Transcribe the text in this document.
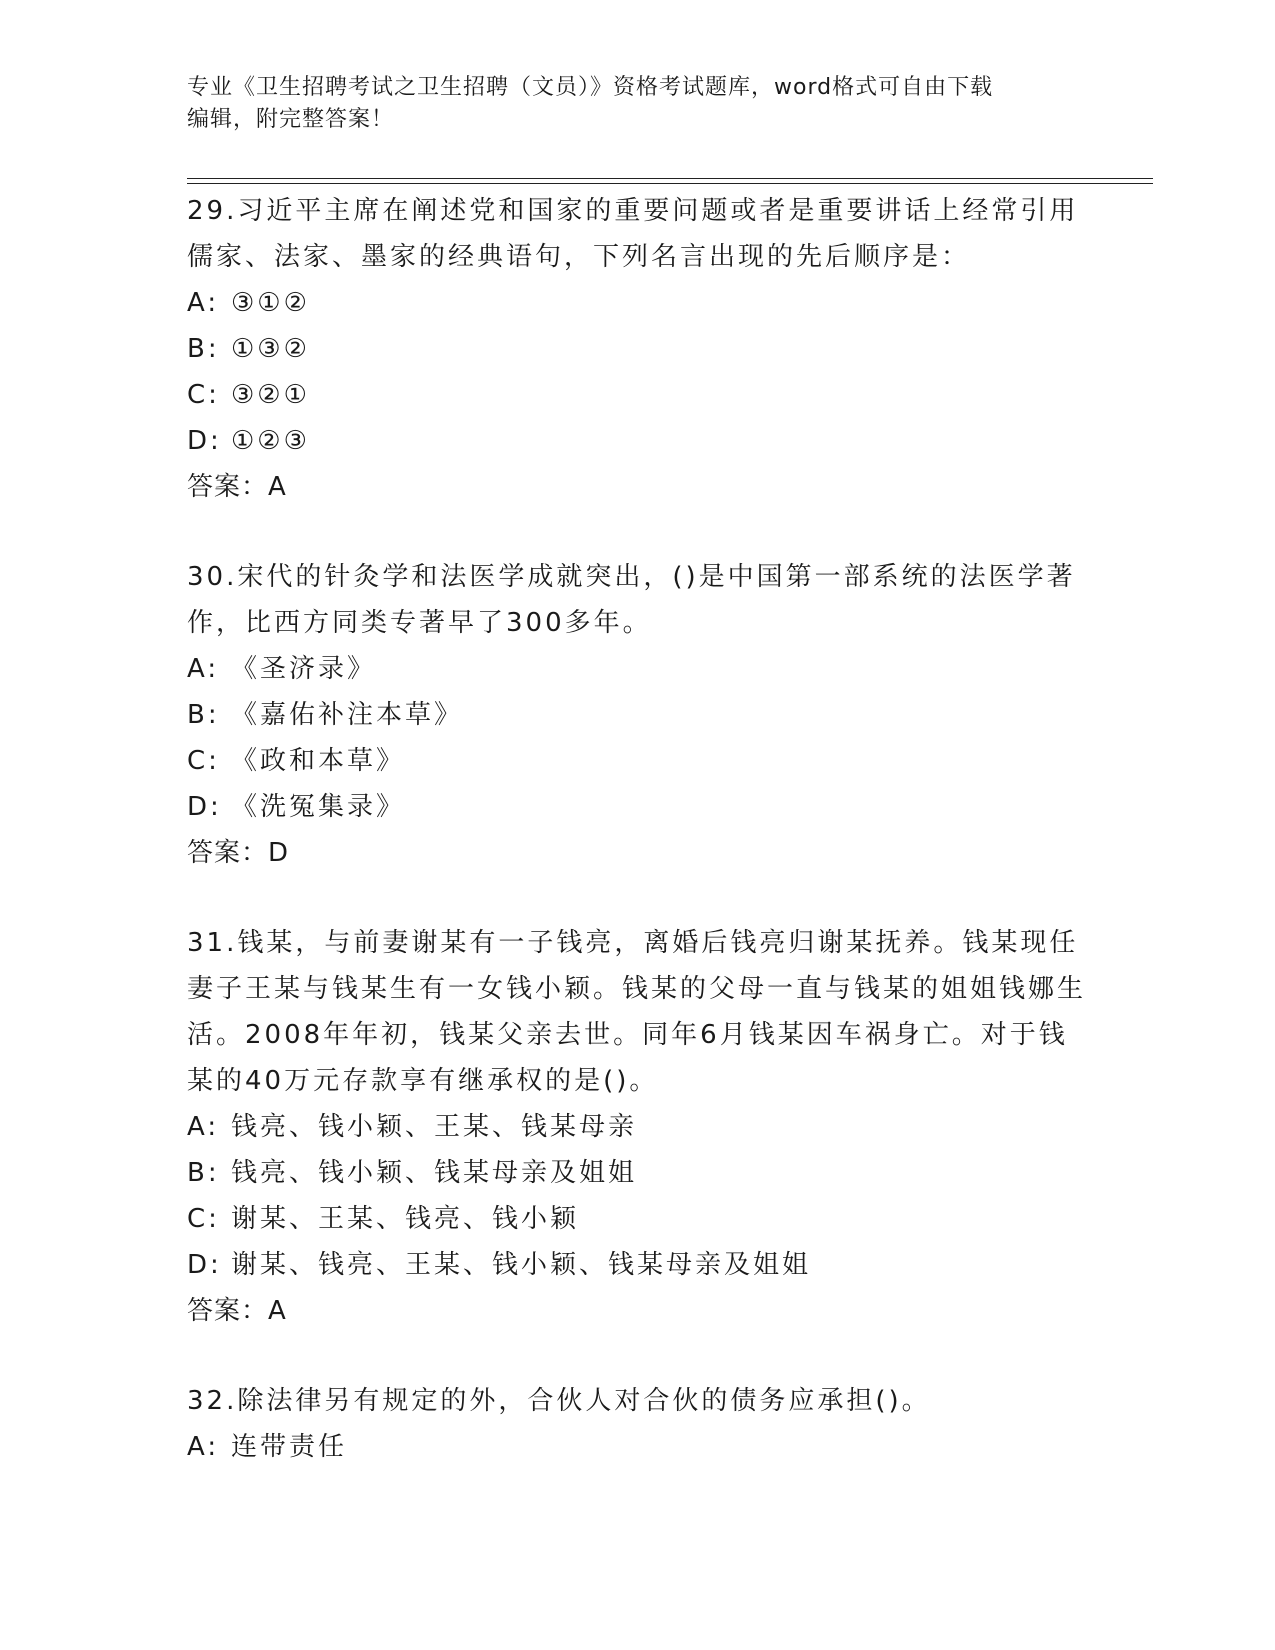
专业《卫生招聘考试之卫生招聘（文员）》资格考试题库，word格式可自由下载
编辑，附完整答案！

29.习近平主席在阐述党和国家的重要问题或者是重要讲话上经常引用儒家、法家、墨家的经典语句，下列名言出现的先后顺序是：

A: ③①②
B: ①③②
C: ③②①
D: ①②③
答案：A

30.宋代的针灸学和法医学成就突出，()是中国第一部系统的法医学著作，比西方同类专著早了300多年。

A: 《圣济录》
B: 《嘉佑补注本草》
C: 《政和本草》
D: 《洗冤集录》
答案：D

31.钱某，与前妻谢某有一子钱亮，离婚后钱亮归谢某抚养。钱某现任妻子王某与钱某生有一女钱小颖。钱某的父母一直与钱某的姐姐钱娜生活。2008年年初，钱某父亲去世。同年6月钱某因车祸身亡。对于钱某的40万元存款享有继承权的是()。

A: 钱亮、钱小颖、王某、钱某母亲
B: 钱亮、钱小颖、钱某母亲及姐姐
C: 谢某、王某、钱亮、钱小颖
D: 谢某、钱亮、王某、钱小颖、钱某母亲及姐姐
答案：A

32.除法律另有规定的外，合伙人对合伙的债务应承担()。

A: 连带责任
